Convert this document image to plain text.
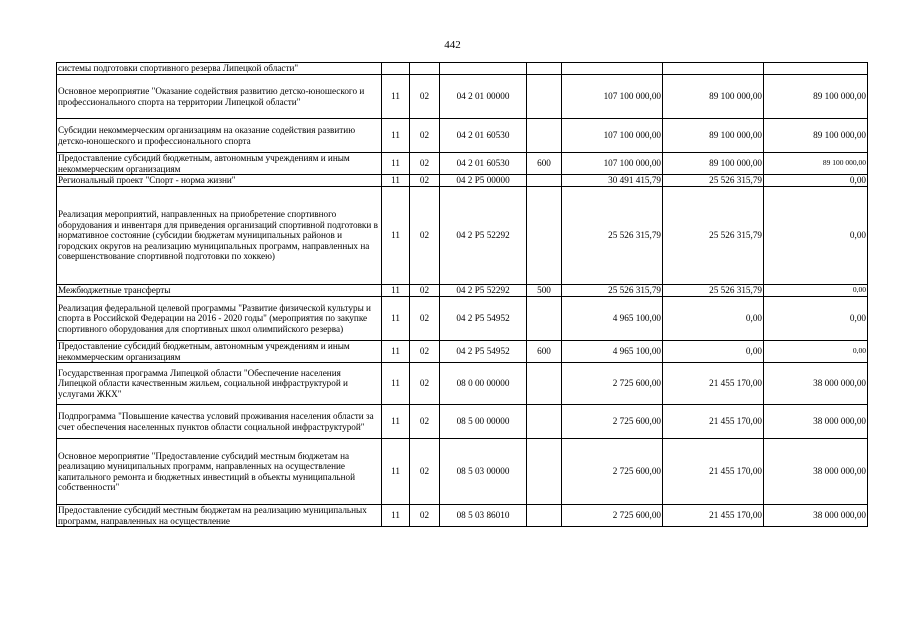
442
системы подготовки спортивного резерва Липецкой области"							
Основное мероприятие "Оказание содействия развитию детско-юношеского и профессионального спорта на территории Липецкой области"	11	02	04 2 01 00000		107 100 000,00	89 100 000,00	89 100 000,00
Субсидии некоммерческим организациям на оказание содействия развитию детско-юношеского и профессионального спорта	11	02	04 2 01 60530		107 100 000,00	89 100 000,00	89 100 000,00
Предоставление субсидий бюджетным, автономным учреждениям и иным некоммерческим организациям	11	02	04 2 01 60530	600	107 100 000,00	89 100 000,00	89 100 000,00
Региональный проект "Спорт - норма жизни"	11	02	04 2 P5 00000		30 491 415,79	25 526 315,79	0,00
Реализация мероприятий, направленных на приобретение спортивного оборудования и инвентаря для приведения организаций спортивной подготовки в нормативное состояние (субсидии бюджетам муниципальных районов и городских округов на реализацию муниципальных программ, направленных на совершенствование спортивной подготовки по хоккею)	11	02	04 2 P5 52292		25 526 315,79	25 526 315,79	0,00
Межбюджетные трансферты	11	02	04 2 P5 52292	500	25 526 315,79	25 526 315,79	0,00
Реализация федеральной целевой программы "Развитие физической культуры и спорта в Российской Федерации на 2016 - 2020 годы" (мероприятия по закупке спортивного оборудования для спортивных школ олимпийского резерва)	11	02	04 2 P5 54952		4 965 100,00	0,00	0,00
Предоставление субсидий бюджетным, автономным учреждениям и иным некоммерческим организациям	11	02	04 2 P5 54952	600	4 965 100,00	0,00	0,00
Государственная программа Липецкой области "Обеспечение населения Липецкой области качественным жильем, социальной инфраструктурой и услугами ЖКХ"	11	02	08 0 00 00000		2 725 600,00	21 455 170,00	38 000 000,00
Подпрограмма "Повышение качества условий проживания населения области за счет обеспечения населенных пунктов области социальной инфраструктурой"	11	02	08 5 00 00000		2 725 600,00	21 455 170,00	38 000 000,00
Основное мероприятие "Предоставление субсидий местным бюджетам на реализацию муниципальных программ, направленных на осуществление капитального ремонта и бюджетных инвестиций в объекты муниципальной собственности"	11	02	08 5 03 00000		2 725 600,00	21 455 170,00	38 000 000,00
Предоставление субсидий местным бюджетам на реализацию муниципальных программ, направленных на осуществление	11	02	08 5 03 86010		2 725 600,00	21 455 170,00	38 000 000,00
